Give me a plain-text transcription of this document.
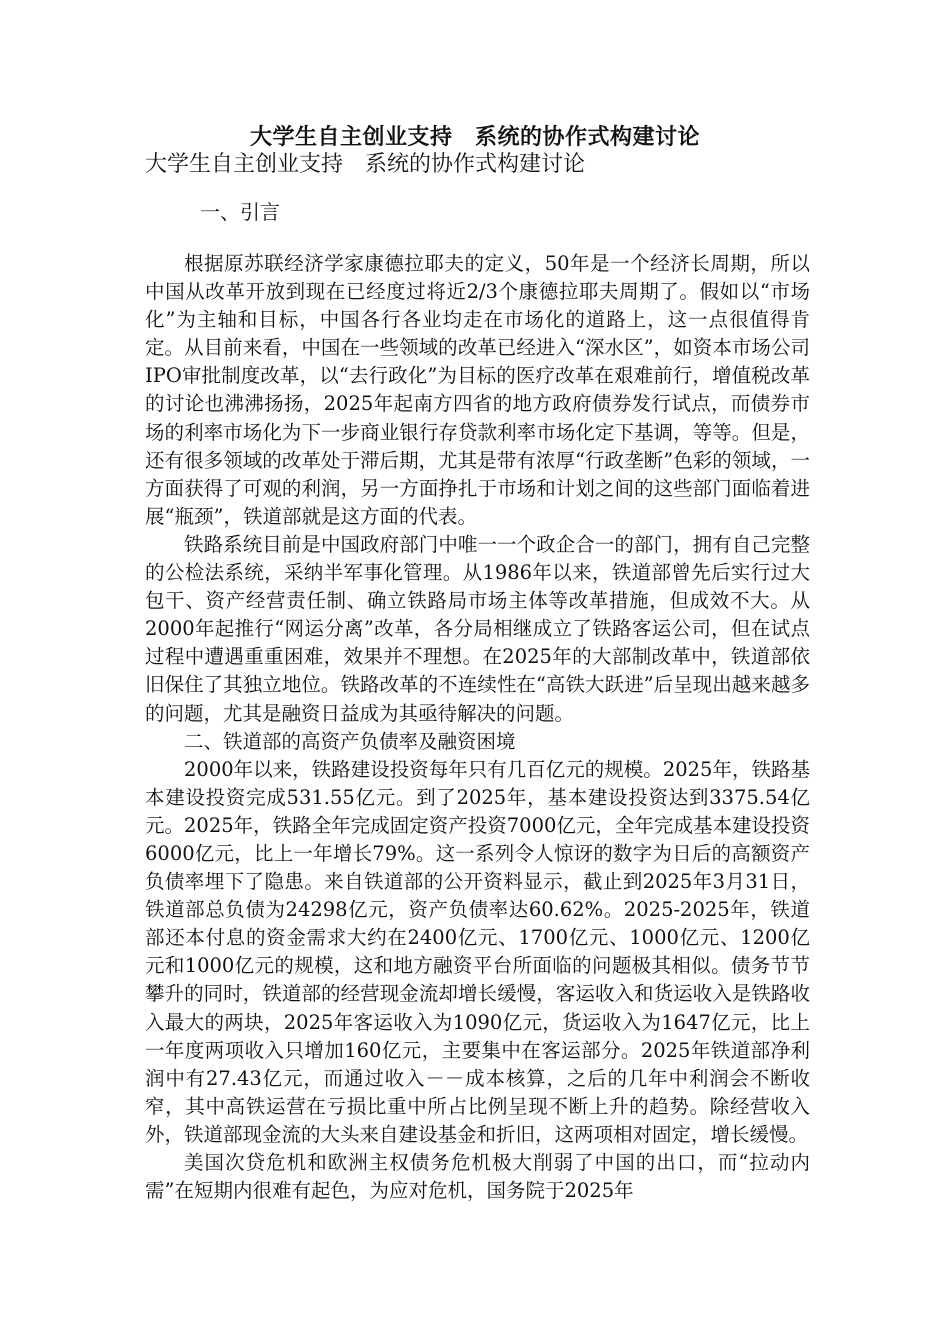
大学生自主创业支持　系统的协作式构建讨论
大学生自主创业支持　系统的协作式构建讨论
一、引言

根据原苏联经济学家康德拉耶夫的定义，50年是一个经济长周期，所以中国从改革开放到现在已经度过将近2/3个康德拉耶夫周期了。假如以“市场化”为主轴和目标，中国各行各业均走在市场化的道路上，这一点很值得肯定。从目前来看，中国在一些领域的改革已经进入“深水区”，如资本市场公司IPO审批制度改革，以“去行政化”为目标的医疗改革在艰难前行，增值税改革的讨论也沸沸扬扬，2025年起南方四省的地方政府债券发行试点，而债券市场的利率市场化为下一步商业银行存贷款利率市场化定下基调，等等。但是，还有很多领域的改革处于滞后期，尤其是带有浓厚“行政垄断”色彩的领域，一方面获得了可观的利润，另一方面挣扎于市场和计划之间的这些部门面临着进展“瓶颈”，铁道部就是这方面的代表。

铁路系统目前是中国政府部门中唯一一个政企合一的部门，拥有自己完整的公检法系统，采纳半军事化管理。从1986年以来，铁道部曾先后实行过大包干、资产经营责任制、确立铁路局市场主体等改革措施，但成效不大。从2000年起推行“网运分离”改革，各分局相继成立了铁路客运公司，但在试点过程中遭遇重重困难，效果并不理想。在2025年的大部制改革中，铁道部依旧保住了其独立地位。铁路改革的不连续性在“高铁大跃进”后呈现出越来越多的问题，尤其是融资日益成为其亟待解决的问题。

二、铁道部的高资产负债率及融资困境

2000年以来，铁路建设投资每年只有几百亿元的规模。2025年，铁路基本建设投资完成531.55亿元。到了2025年，基本建设投资达到3375.54亿元。2025年，铁路全年完成固定资产投资7000亿元，全年完成基本建设投资6000亿元，比上一年增长79%。这一系列令人惊讶的数字为日后的高额资产负债率埋下了隐患。来自铁道部的公开资料显示，截止到2025年3月31日，铁道部总负债为24298亿元，资产负债率达60.62%。2025-2025年，铁道部还本付息的资金需求大约在2400亿元、1700亿元、1000亿元、1200亿元和1000亿元的规模，这和地方融资平台所面临的问题极其相似。债务节节攀升的同时，铁道部的经营现金流却增长缓慢，客运收入和货运收入是铁路收入最大的两块，2025年客运收入为1090亿元，货运收入为1647亿元，比上一年度两项收入只增加160亿元，主要集中在客运部分。2025年铁道部净利润中有27.43亿元，而通过收入－－成本核算，之后的几年中利润会不断收窄，其中高铁运营在亏损比重中所占比例呈现不断上升的趋势。除经营收入外，铁道部现金流的大头来自建设基金和折旧，这两项相对固定，增长缓慢。

美国次贷危机和欧洲主权债务危机极大削弱了中国的出口，而“拉动内需”在短期内很难有起色，为应对危机，国务院于2025年
